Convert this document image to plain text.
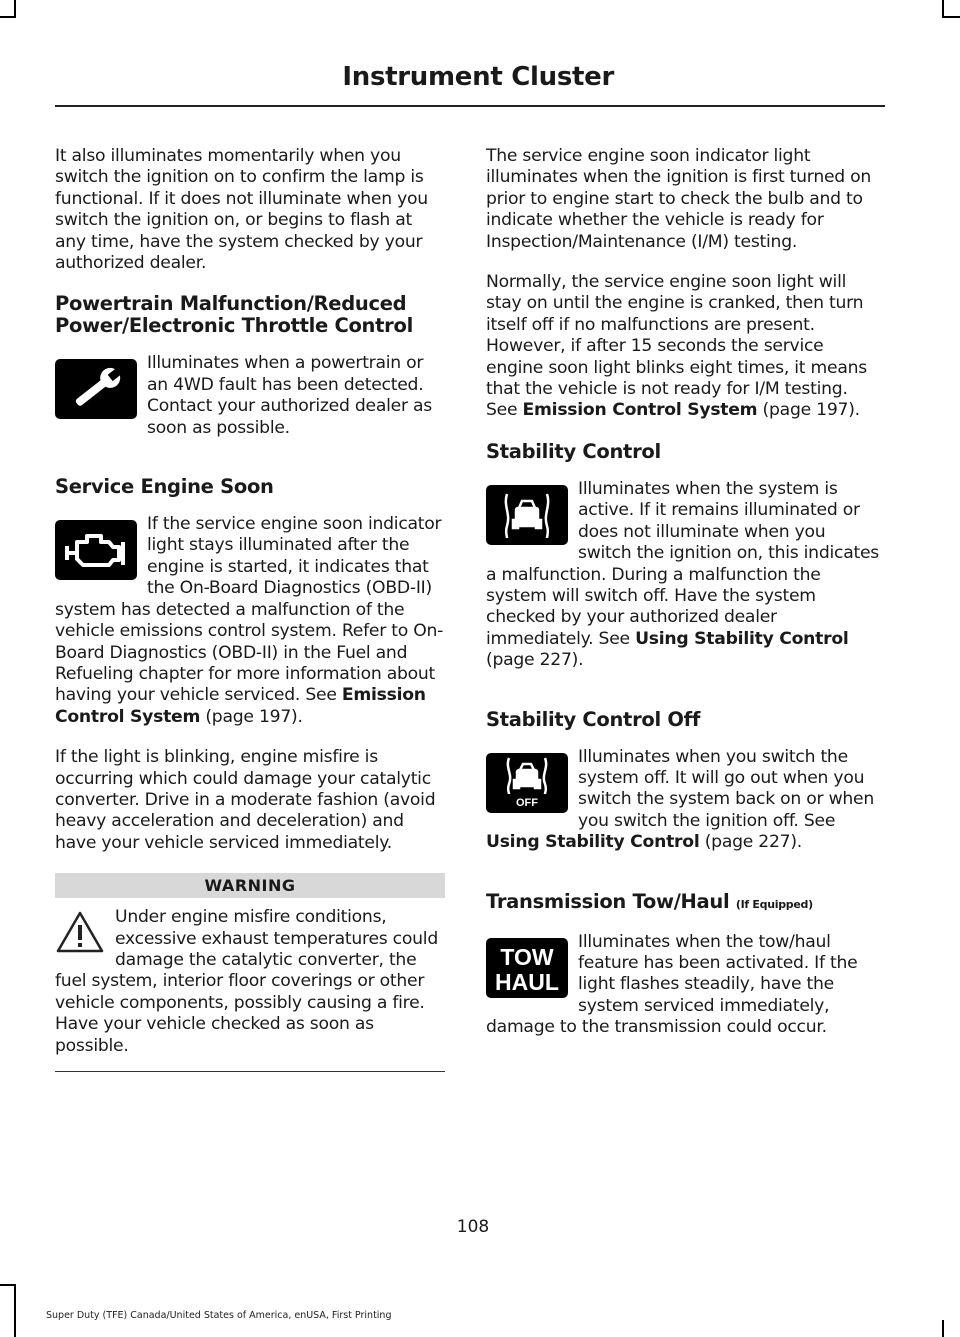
Instrument Cluster

It also illuminates momentarily when you switch the ignition on to confirm the lamp is functional. If it does not illuminate when you switch the ignition on, or begins to flash at any time, have the system checked by your authorized dealer.

Powertrain Malfunction/Reduced Power/Electronic Throttle Control

Illuminates when a powertrain or an 4WD fault has been detected. Contact your authorized dealer as soon as possible.

Service Engine Soon

If the service engine soon indicator light stays illuminated after the engine is started, it indicates that the On-Board Diagnostics (OBD-II) system has detected a malfunction of the vehicle emissions control system. Refer to On-Board Diagnostics (OBD-II) in the Fuel and Refueling chapter for more information about having your vehicle serviced. See Emission Control System (page 197).

If the light is blinking, engine misfire is occurring which could damage your catalytic converter. Drive in a moderate fashion (avoid heavy acceleration and deceleration) and have your vehicle serviced immediately.

WARNING

Under engine misfire conditions, excessive exhaust temperatures could damage the catalytic converter, the fuel system, interior floor coverings or other vehicle components, possibly causing a fire. Have your vehicle checked as soon as possible.

The service engine soon indicator light illuminates when the ignition is first turned on prior to engine start to check the bulb and to indicate whether the vehicle is ready for Inspection/Maintenance (I/M) testing.

Normally, the service engine soon light will stay on until the engine is cranked, then turn itself off if no malfunctions are present. However, if after 15 seconds the service engine soon light blinks eight times, it means that the vehicle is not ready for I/M testing. See Emission Control System (page 197).

Stability Control

Illuminates when the system is active. If it remains illuminated or does not illuminate when you switch the ignition on, this indicates a malfunction. During a malfunction the system will switch off. Have the system checked by your authorized dealer immediately. See Using Stability Control (page 227).

Stability Control Off
OFF

Illuminates when you switch the system off. It will go out when you switch the system back on or when you switch the ignition off. See Using Stability Control (page 227).

Transmission Tow/Haul (If Equipped)
TOW
HAUL

Illuminates when the tow/haul feature has been activated. If the light flashes steadily, have the system serviced immediately, damage to the transmission could occur.

108
Super Duty (TFE) Canada/United States of America, enUSA, First Printing
